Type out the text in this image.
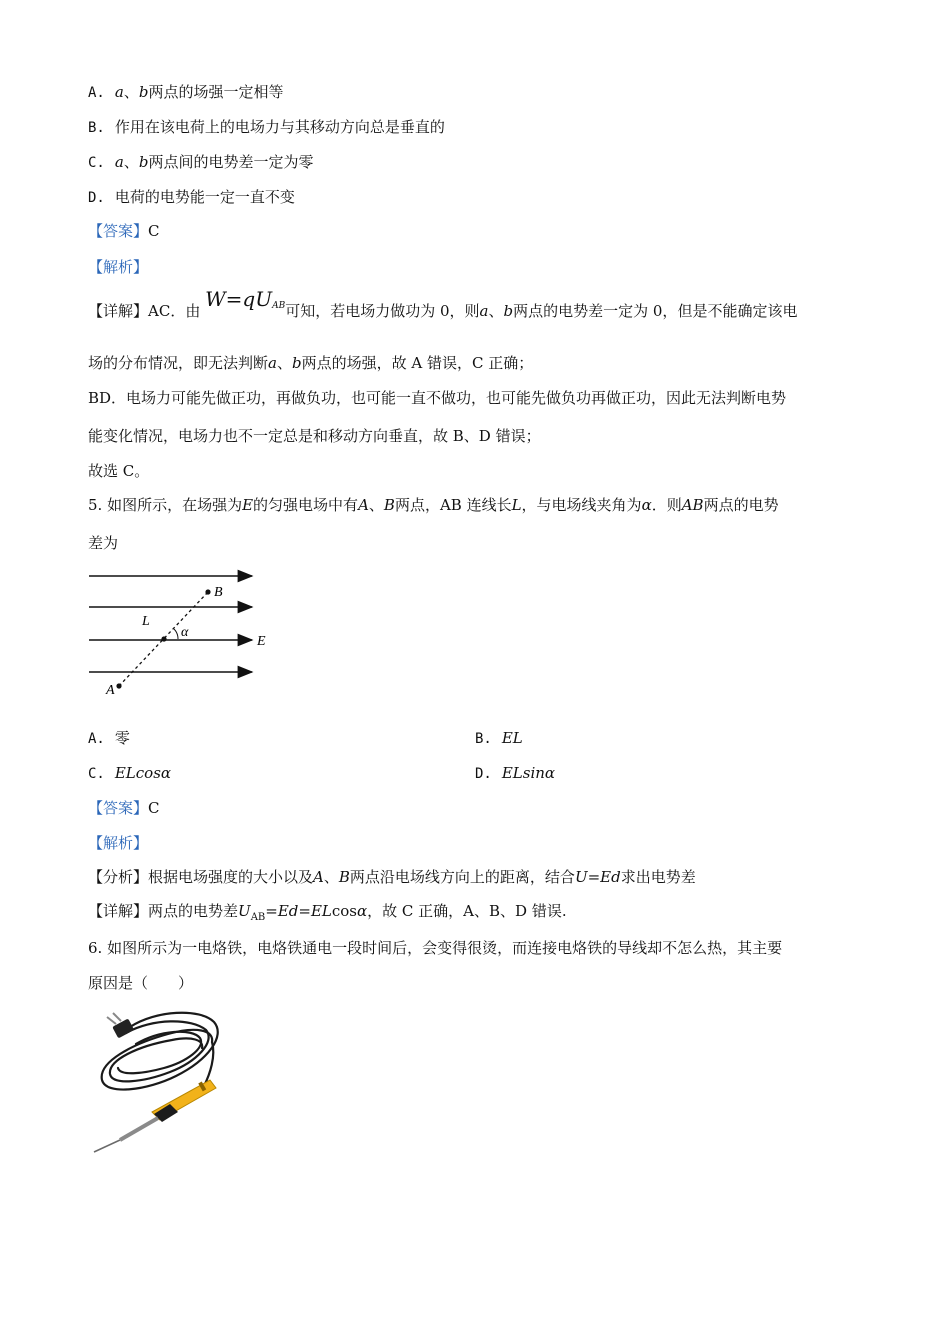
A. a、b两点的场强一定相等
B. 作用在该电荷上的电场力与其移动方向总是垂直的
C. a、b两点间的电势差一定为零
D. 电荷的电势能一定一直不变
【答案】C
【解析】
【详解】AC．由 W=qUAB可知，若电场力做功为 0，则a、b两点的电势差一定为 0，但是不能确定该电
场的分布情况，即无法判断a、b两点的场强，故 A 错误，C 正确；
BD．电场力可能先做正功，再做负功，也可能一直不做功，也可能先做负功再做正功，因此无法判断电势
能变化情况，电场力也不一定总是和移动方向垂直，故 B、D 错误；
故选 C。
5. 如图所示，在场强为E的匀强电场中有A、B两点，AB 连线长L，与电场线夹角为α．则AB两点的电势
差为
B
L
α
E
A
A. 零	B. EL
C. ELcosα	D. ELsinα
【答案】C
【解析】
【分析】根据电场强度的大小以及A、B两点沿电场线方向上的距离，结合U=Ed求出电势差
【详解】两点的电势差$U_{AB}=Ed=ELcos\alpha$，故 C 正确，A、B、D 错误.
6. 如图所示为一电烙铁，电烙铁通电一段时间后，会变得很烫，而连接电烙铁的导线却不怎么热，其主要
原因是（　　）
